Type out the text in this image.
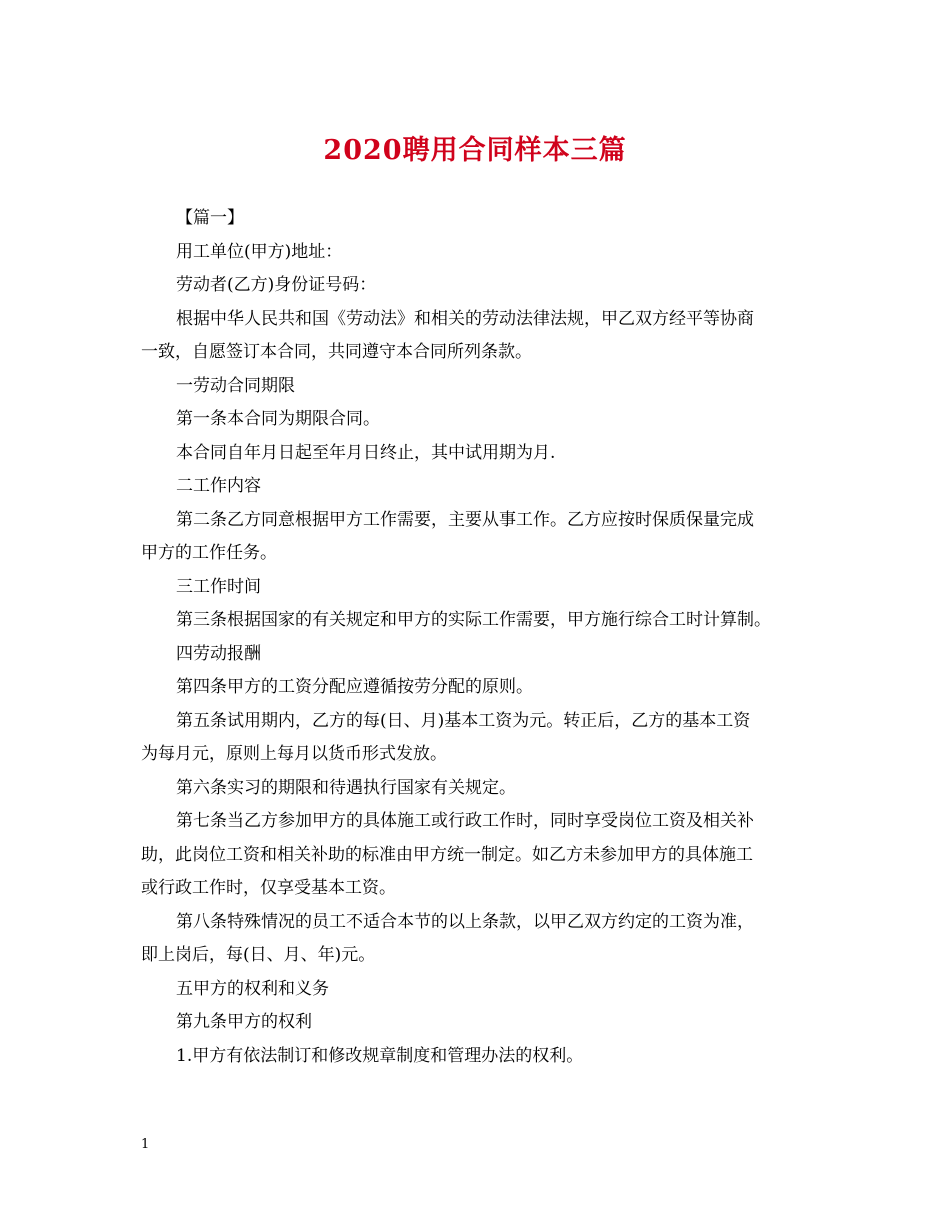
2020聘用合同样本三篇
【篇一】
用工单位(甲方)地址：
劳动者(乙方)身份证号码：
根据中华人民共和国《劳动法》和相关的劳动法律法规，甲乙双方经平等协商
一致，自愿签订本合同，共同遵守本合同所列条款。
一劳动合同期限
第一条本合同为期限合同。
本合同自年月日起至年月日终止，其中试用期为月.
二工作内容
第二条乙方同意根据甲方工作需要，主要从事工作。乙方应按时保质保量完成
甲方的工作任务。
三工作时间
第三条根据国家的有关规定和甲方的实际工作需要，甲方施行综合工时计算制。
四劳动报酬
第四条甲方的工资分配应遵循按劳分配的原则。
第五条试用期内，乙方的每(日、月)基本工资为元。转正后，乙方的基本工资
为每月元，原则上每月以货币形式发放。
第六条实习的期限和待遇执行国家有关规定。
第七条当乙方参加甲方的具体施工或行政工作时，同时享受岗位工资及相关补
助，此岗位工资和相关补助的标准由甲方统一制定。如乙方未参加甲方的具体施工
或行政工作时，仅享受基本工资。
第八条特殊情况的员工不适合本节的以上条款，以甲乙双方约定的工资为准，
即上岗后，每(日、月、年)元。
五甲方的权利和义务
第九条甲方的权利
1.甲方有依法制订和修改规章制度和管理办法的权利。
1
